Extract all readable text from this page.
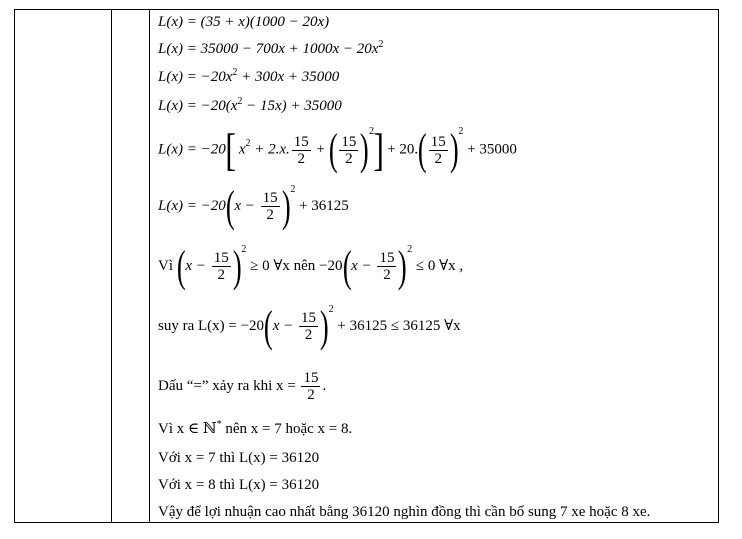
L(x) = (35 + x)(1000 − 20x)
$L(x) = 35000 - 700x + 1000x - 20x^2$
$L(x) = -20x^2 + 300x + 35000$
$L(x) = -20(x^2 - 15x) + 35000$
L(x) = −20[ $x^2 + 2.x$. $\frac{15}{2}$ + ( $\frac{15}{2} )^2] + 20.( \frac{15}{2} )^2 + 35000$
$L(x) = -20(x - \frac{15}{2} )^2 + 36125$
Vì $(x - \frac{15}{2} )^2 \ge 0$ ∀x nên $-20(x - \frac{15}{2} )^2 \le 0$ ∀x ,
suy ra $L(x) = -20(x - \frac{15}{2} )^2 + 36125 \le 36125$ ∀x
Dấu “=” xảy ra khi $x = \frac{15}{2}$ .
Vì x ∈ ℕ* nên x = 7 hoặc x = 8.
Với x = 7 thì L(x) = 36120
Với x = 8 thì L(x) = 36120
Vậy để lợi nhuận cao nhất bằng 36120 nghìn đồng thì cần bổ sung 7 xe hoặc 8 xe.
